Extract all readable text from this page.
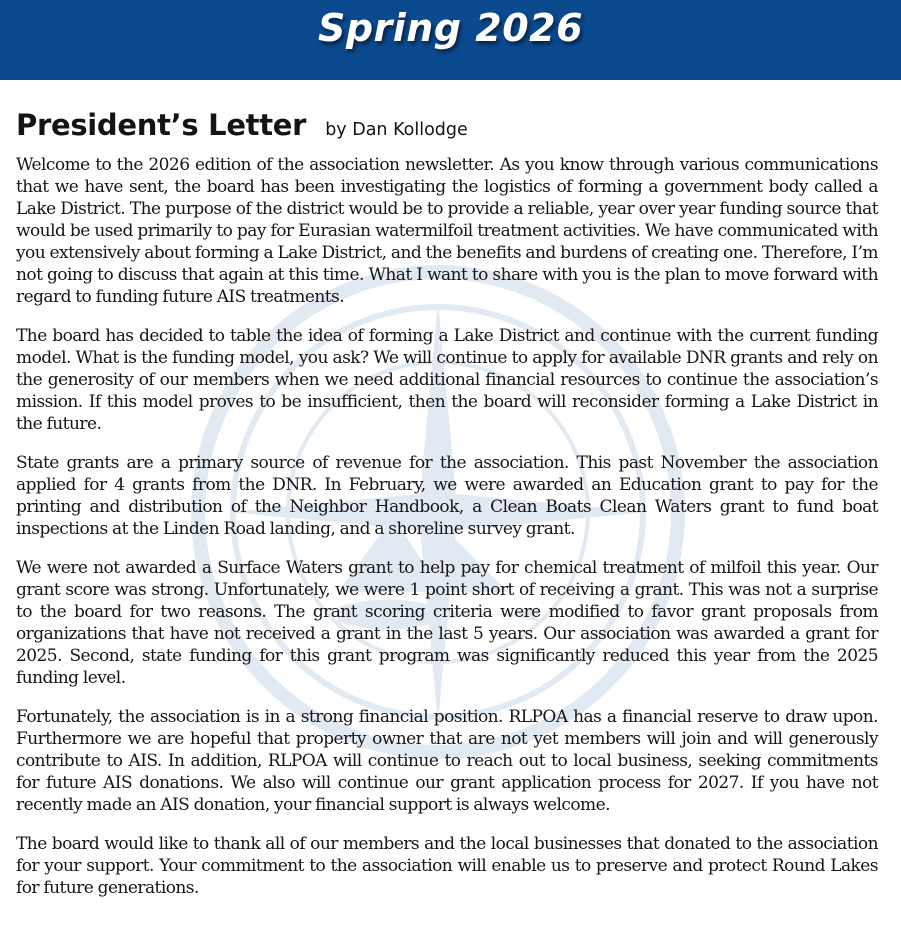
Spring 2026
President’s Letter by Dan Kollodge

Welcome to the 2026 edition of the association newsletter. As you know through various communications that we have sent, the board has been investigating the logistics of forming a government body called a Lake District. The purpose of the district would be to provide a reliable, year over year funding source that would be used primarily to pay for Eurasian watermilfoil treatment activities. We have communicated with you extensively about forming a Lake District, and the benefits and burdens of creating one. Therefore, I’m not going to discuss that again at this time. What I want to share with you is the plan to move forward with regard to funding future AIS treatments.

The board has decided to table the idea of forming a Lake District and continue with the current funding model. What is the funding model, you ask? We will continue to apply for available DNR grants and rely on the generosity of our members when we need additional financial resources to continue the association’s mission. If this model proves to be insufficient, then the board will reconsider forming a Lake District in the future.

State grants are a primary source of revenue for the association. This past November the association applied for 4 grants from the DNR. In February, we were awarded an Education grant to pay for the printing and distribution of the Neighbor Handbook, a Clean Boats Clean Waters grant to fund boat inspections at the Linden Road landing, and a shoreline survey grant.

We were not awarded a Surface Waters grant to help pay for chemical treatment of milfoil this year. Our grant score was strong. Unfortunately, we were 1 point short of receiving a grant. This was not a surprise to the board for two reasons. The grant scoring criteria were modified to favor grant proposals from organizations that have not received a grant in the last 5 years. Our association was awarded a grant for 2025. Second, state funding for this grant program was significantly reduced this year from the 2025 funding level.

Fortunately, the association is in a strong financial position. RLPOA has a financial reserve to draw upon. Furthermore we are hopeful that property owner that are not yet members will join and will generously contribute to AIS. In addition, RLPOA will continue to reach out to local business, seeking commitments for future AIS donations. We also will continue our grant application process for 2027. If you have not recently made an AIS donation, your financial support is always welcome.

The board would like to thank all of our members and the local businesses that donated to the association for your support. Your commitment to the association will enable us to preserve and protect Round Lakes for future generations.
